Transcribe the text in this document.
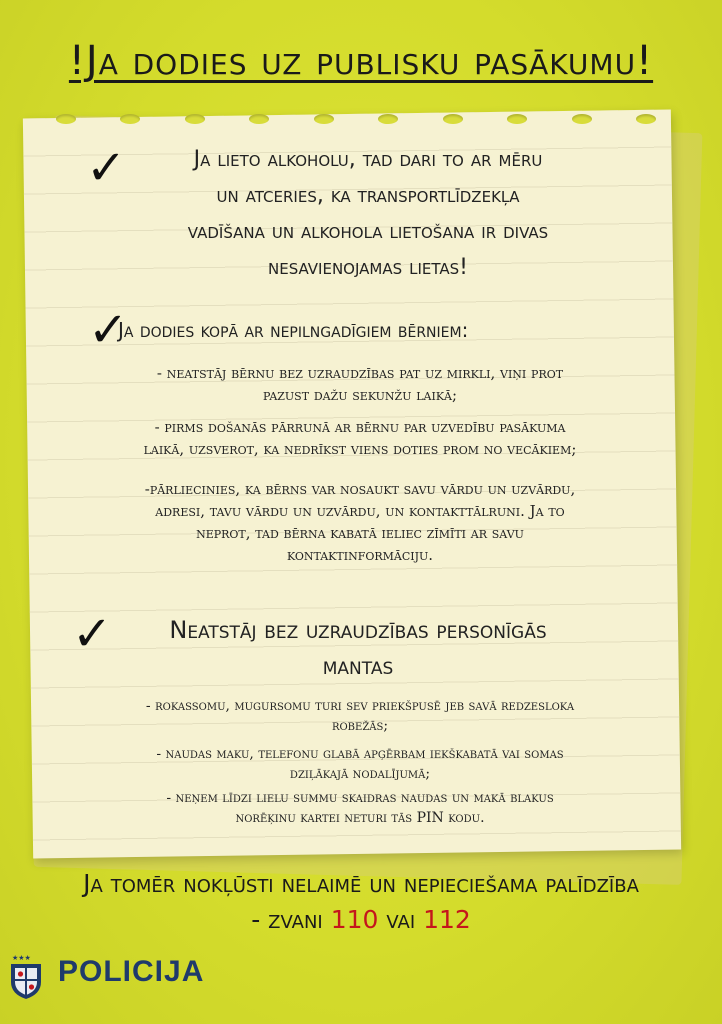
!Ja dodies uz publisku pasākumu!
✓	Ja lieto alkoholu, tad dari to ar mēru
un atceries, ka transportlīdzekļa
vadīšana un alkohola lietošana ir divas
nesavienojamas lietas!
✓
Ja dodies kopā ar nepilngadīgiem bērniem:
- neatstāj bērnu bez uzraudzības pat uz mirkli, viņi prot
pazust dažu sekunžu laikā;
- pirms došanās pārrunā ar bērnu par uzvedību pasākuma
laikā, uzsverot, ka nedrīkst viens doties prom no vecākiem;
-pārliecinies, ka bērns var nosaukt savu vārdu un uzvārdu,
adresi, tavu vārdu un uzvārdu, un kontakttālruni. Ja to
neprot, tad bērna kabatā ieliec zīmīti ar savu
kontaktinformāciju.
✓	Neatstāj bez uzraudzības personīgās
mantas
- rokassomu, mugursomu turi sev priekšpusē jeb savā redzesloka
robežās;
- naudas maku, telefonu glabā apģērbam iekškabatā vai somas
dziļākajā nodalījumā;
- neņem līdzi lielu summu skaidras naudas un makā blakus
norēķinu kartei neturi tās PIN kodu.
Ja tomēr nokļūsti nelaimē un nepieciešama palīdzība
- zvani 110 vai 112
★★★ POLICIJA
